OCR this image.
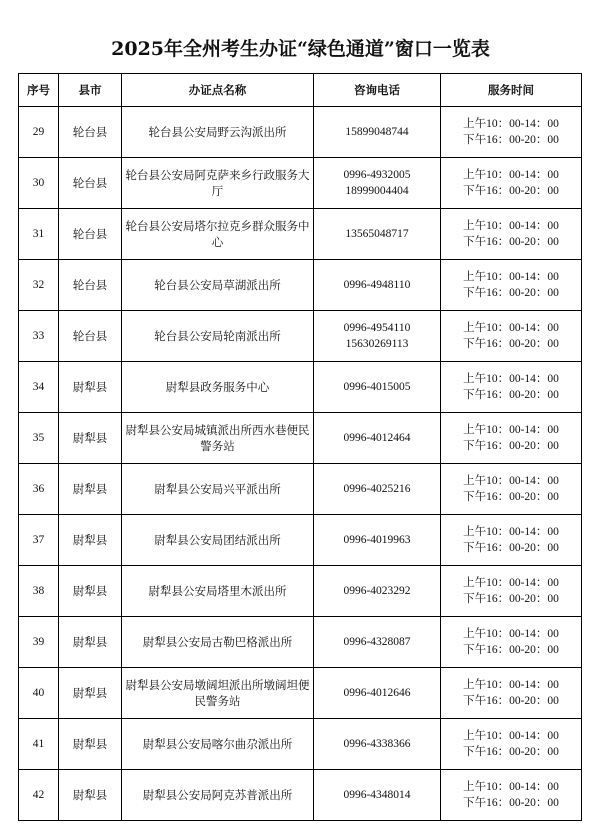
2025年全州考生办证“绿色通道”窗口一览表
序号	县市	办证点名称	咨询电话	服务时间
29	轮台县	轮台县公安局野云沟派出所	15899048744	上午10：00-14：00
下午16：00-20：00

30	轮台县	轮台县公安局阿克萨来乡行政服务大厅	0996-4932005
18999004404	上午10：00-14：00
下午16：00-20：00

31	轮台县	轮台县公安局塔尔拉克乡群众服务中心	13565048717	上午10：00-14：00
下午16：00-20：00

32	轮台县	轮台县公安局草湖派出所	0996-4948110	上午10：00-14：00
下午16：00-20：00

33	轮台县	轮台县公安局轮南派出所	0996-4954110
15630269113	上午10：00-14：00
下午16：00-20：00

34	尉犁县	尉犁县政务服务中心	0996-4015005	上午10：00-14：00
下午16：00-20：00

35	尉犁县	尉犁县公安局城镇派出所西水巷便民警务站	0996-4012464	上午10：00-14：00
下午16：00-20：00

36	尉犁县	尉犁县公安局兴平派出所	0996-4025216	上午10：00-14：00
下午16：00-20：00

37	尉犁县	尉犁县公安局团结派出所	0996-4019963	上午10：00-14：00
下午16：00-20：00

38	尉犁县	尉犁县公安局塔里木派出所	0996-4023292	上午10：00-14：00
下午16：00-20：00

39	尉犁县	尉犁县公安局古勒巴格派出所	0996-4328087	上午10：00-14：00
下午16：00-20：00

40	尉犁县	尉犁县公安局墩阔坦派出所墩阔坦便民警务站	0996-4012646	上午10：00-14：00
下午16：00-20：00

41	尉犁县	尉犁县公安局喀尔曲尕派出所	0996-4338366	上午10：00-14：00
下午16：00-20：00

42	尉犁县	尉犁县公安局阿克苏普派出所	0996-4348014	上午10：00-14：00
下午16：00-20：00
